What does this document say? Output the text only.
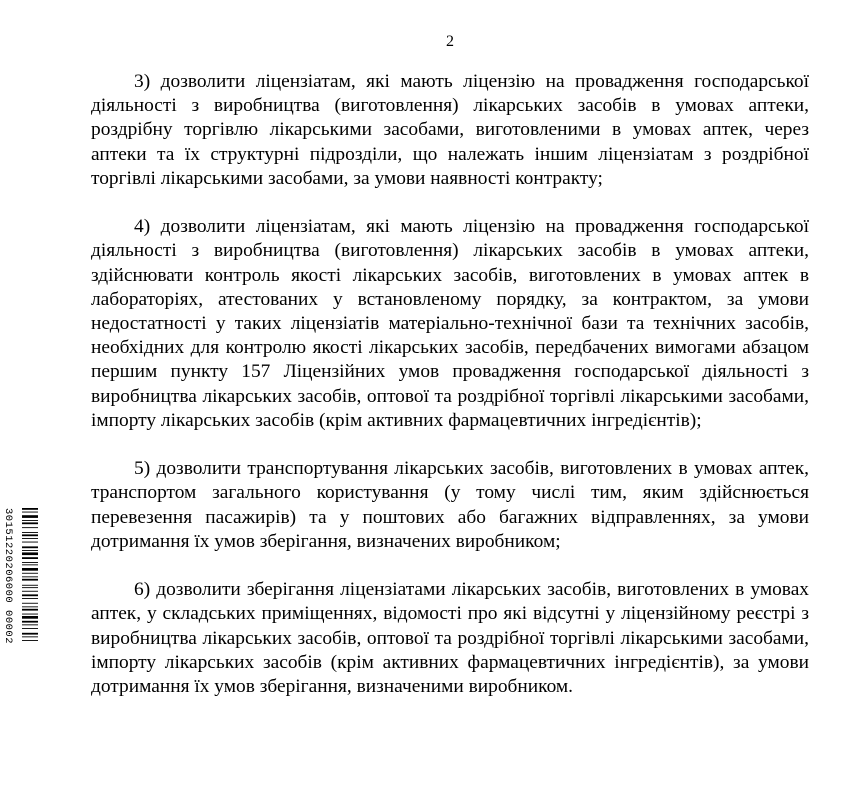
2

3) дозволити ліцензіатам, які мають ліцензію на провадження господарської діяльності з виробництва (виготовлення) лікарських засобів в умовах аптеки, роздрібну торгівлю лікарськими засобами, виготовленими в умовах аптек, через аптеки та їх структурні підрозділи, що належать іншим ліцензіатам з роздрібної торгівлі лікарськими засобами, за умови наявності контракту;

4) дозволити ліцензіатам, які мають ліцензію на провадження господарської діяльності з виробництва (виготовлення) лікарських засобів в умовах аптеки, здійснювати контроль якості лікарських засобів, виготовлених в умовах аптек в лабораторіях, атестованих у встановленому порядку, за контрактом, за умови недостатності у таких ліцензіатів матеріально-технічної бази та технічних засобів, необхідних для контролю якості лікарських засобів, передбачених вимогами абзацом першим пункту 157 Ліцензійних умов провадження господарської діяльності з виробництва лікарських засобів, оптової та роздрібної торгівлі лікарськими засобами, імпорту лікарських засобів (крім активних фармацевтичних інгредієнтів);

5) дозволити транспортування лікарських засобів, виготовлених в умовах аптек, транспортом загального користування (у тому числі тим, яким здійснюється перевезення пасажирів) та у поштових або багажних відправленнях, за умови дотримання їх умов зберігання, визначених виробником;

6) дозволити зберігання ліцензіатами лікарських засобів, виготовлених в умовах аптек, у складських приміщеннях, відомості про які відсутні у ліцензійному реєстрі з виробництва лікарських засобів, оптової та роздрібної торгівлі лікарськими засобами, імпорту лікарських засобів (крім активних фармацевтичних інгредієнтів), за умови дотримання їх умов зберігання, визначеними виробником.

30151220206000 00002
